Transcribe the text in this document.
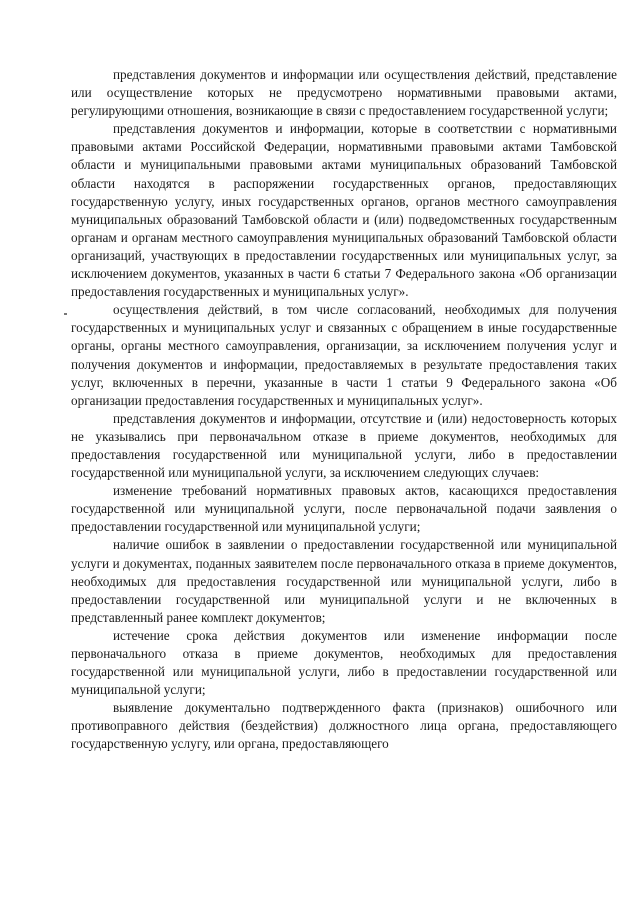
представления документов и информации или осуществления действий, представление или осуществление которых не предусмотрено нормативными правовыми актами, регулирующими отношения, возникающие в связи с предоставлением государственной услуги;

представления документов и информации, которые в соответствии с нормативными правовыми актами Российской Федерации, нормативными правовыми актами Тамбовской области и муниципальными правовыми актами муниципальных образований Тамбовской области находятся в распоряжении государственных органов, предоставляющих государственную услугу, иных государственных органов, органов местного самоуправления муниципальных образований Тамбовской области и (или) подведомственных государственным органам и органам местного самоуправления муниципальных образований Тамбовской области организаций, участвующих в предоставлении государственных или муниципальных услуг, за исключением документов, указанных в части 6 статьи 7 Федерального закона «Об организации предоставления государственных и муниципальных услуг».

осуществления действий, в том числе согласований, необходимых для получения государственных и муниципальных услуг и связанных с обращением в иные государственные органы, органы местного самоуправления, организации, за исключением получения услуг и получения документов и информации, предоставляемых в результате предоставления таких услуг, включенных в перечни, указанные в части 1 статьи 9 Федерального закона «Об организации предоставления государственных и муниципальных услуг».

представления документов и информации, отсутствие и (или) недостоверность которых не указывались при первоначальном отказе в приеме документов, необходимых для предоставления государственной или муниципальной услуги, либо в предоставлении государственной или муниципальной услуги, за исключением следующих случаев:

изменение требований нормативных правовых актов, касающихся предоставления государственной или муниципальной услуги, после первоначальной подачи заявления о предоставлении государственной или муниципальной услуги;

наличие ошибок в заявлении о предоставлении государственной или муниципальной услуги и документах, поданных заявителем после первоначального отказа в приеме документов, необходимых для предоставления государственной или муниципальной услуги, либо в предоставлении государственной или муниципальной услуги и не включенных в представленный ранее комплект документов;

истечение срока действия документов или изменение информации после первоначального отказа в приеме документов, необходимых для предоставления государственной или муниципальной услуги, либо в предоставлении государственной или муниципальной услуги;

выявление документально подтвержденного факта (признаков) ошибочного или противоправного действия (бездействия) должностного лица органа, предоставляющего государственную услугу, или органа, предоставляющего
